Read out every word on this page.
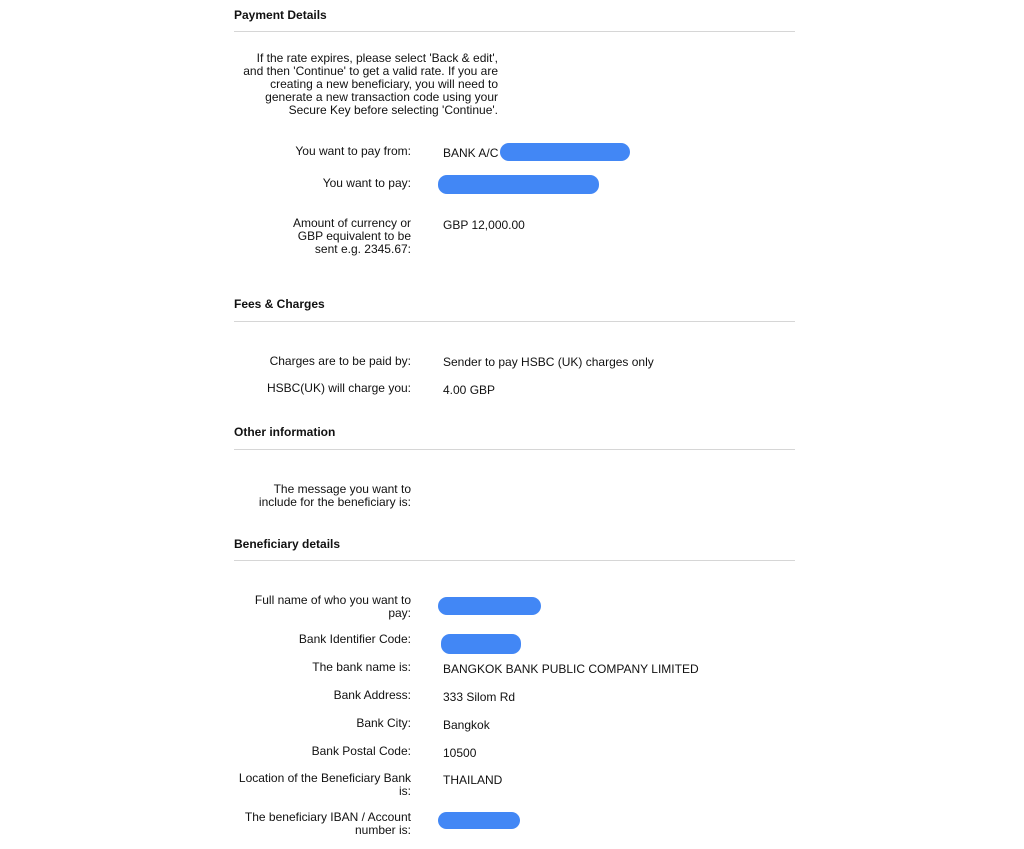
Payment Details
If the rate expires, please select 'Back & edit', and then 'Continue' to get a valid rate. If you are creating a new beneficiary, you will need to generate a new transaction code using your Secure Key before selecting 'Continue'.
You want to pay from:	BANK A/C
You want to pay:
Amount of currency or GBP equivalent to be sent e.g. 2345.67:
GBP 12,000.00
Fees & Charges
Charges are to be paid by:	Sender to pay HSBC (UK) charges only
HSBC(UK) will charge you:	4.00 GBP
Other information
The message you want to include for the beneficiary is:
Beneficiary details
Full name of who you want to pay:
Bank Identifier Code:
The bank name is:	BANGKOK BANK PUBLIC COMPANY LIMITED
Bank Address:	333 Silom Rd
Bank City:	Bangkok
Bank Postal Code:	10500
Location of the Beneficiary Bank is:
THAILAND
The beneficiary IBAN / Account number is:
